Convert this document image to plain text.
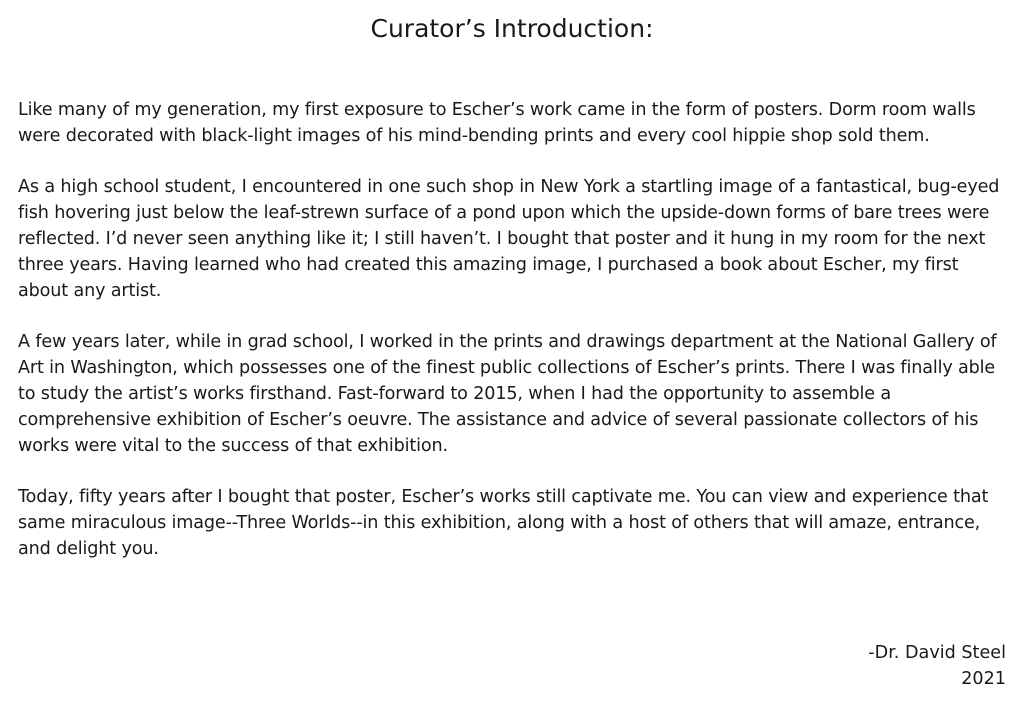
Curator’s Introduction:

Like many of my generation, my first exposure to Escher’s work came in the form of posters. Dorm room walls were decorated with black-light images of his mind-bending prints and every cool hippie shop sold them.

As a high school student, I encountered in one such shop in New York a startling image of a fantastical, bug-eyed fish hovering just below the leaf-strewn surface of a pond upon which the upside-down forms of bare trees were reflected. I’d never seen anything like it; I still haven’t. I bought that poster and it hung in my room for the next three years. Having learned who had created this amazing image, I purchased a book about Escher, my first about any artist.

A few years later, while in grad school, I worked in the prints and drawings department at the National Gallery of Art in Washington, which possesses one of the finest public collections of Escher’s prints. There I was finally able to study the artist’s works firsthand. Fast-forward to 2015, when I had the opportunity to assemble a comprehensive exhibition of Escher’s oeuvre. The assistance and advice of several passionate collectors of his works were vital to the success of that exhibition.

Today, fifty years after I bought that poster, Escher’s works still captivate me. You can view and experience that same miraculous image--Three Worlds--in this exhibition, along with a host of others that will amaze, entrance, and delight you.

-Dr. David Steel
2021
